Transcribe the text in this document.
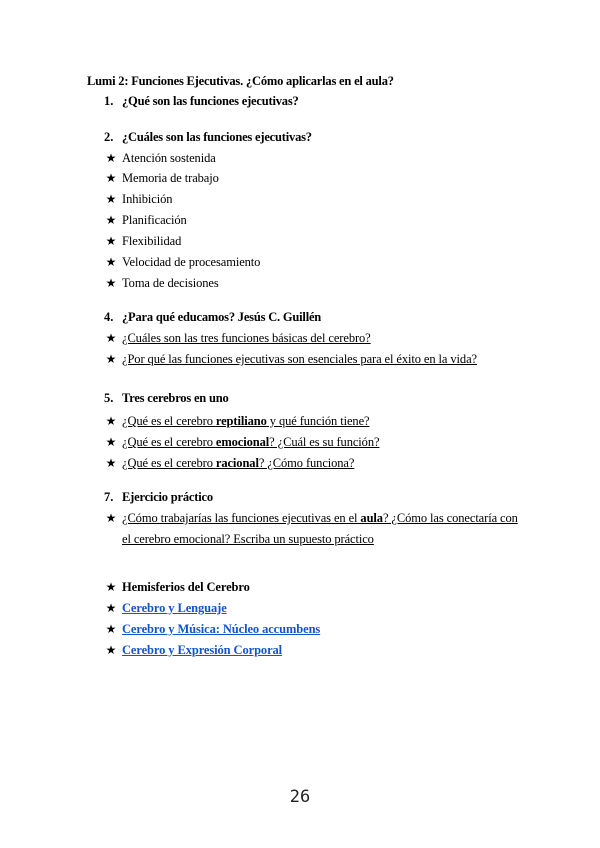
Lumi 2: Funciones Ejecutivas. ¿Cómo aplicarlas en el aula?
1. ¿Qué son las funciones ejecutivas?
2. ¿Cuáles son las funciones ejecutivas?
★ Atención sostenida
★ Memoria de trabajo
★ Inhibición
★ Planificación
★ Flexibilidad
★ Velocidad de procesamiento
★ Toma de decisiones
4. ¿Para qué educamos? Jesús C. Guillén
★ ¿Cuáles son las tres funciones básicas del cerebro?
★ ¿Por qué las funciones ejecutivas son esenciales para el éxito en la vida?
5. Tres cerebros en uno
★ ¿Qué es el cerebro reptiliano y qué función tiene?
★ ¿Qué es el cerebro emocional? ¿Cuál es su función?
★ ¿Qué es el cerebro racional? ¿Cómo funciona?
7. Ejercicio práctico
★ ¿Cómo trabajarías las funciones ejecutivas en el aula? ¿Cómo las conectaría con
el cerebro emocional? Escriba un supuesto práctico
★ Hemisferios del Cerebro
★ Cerebro y Lenguaje
★ Cerebro y Música: Núcleo accumbens
★ Cerebro y Expresión Corporal
26
